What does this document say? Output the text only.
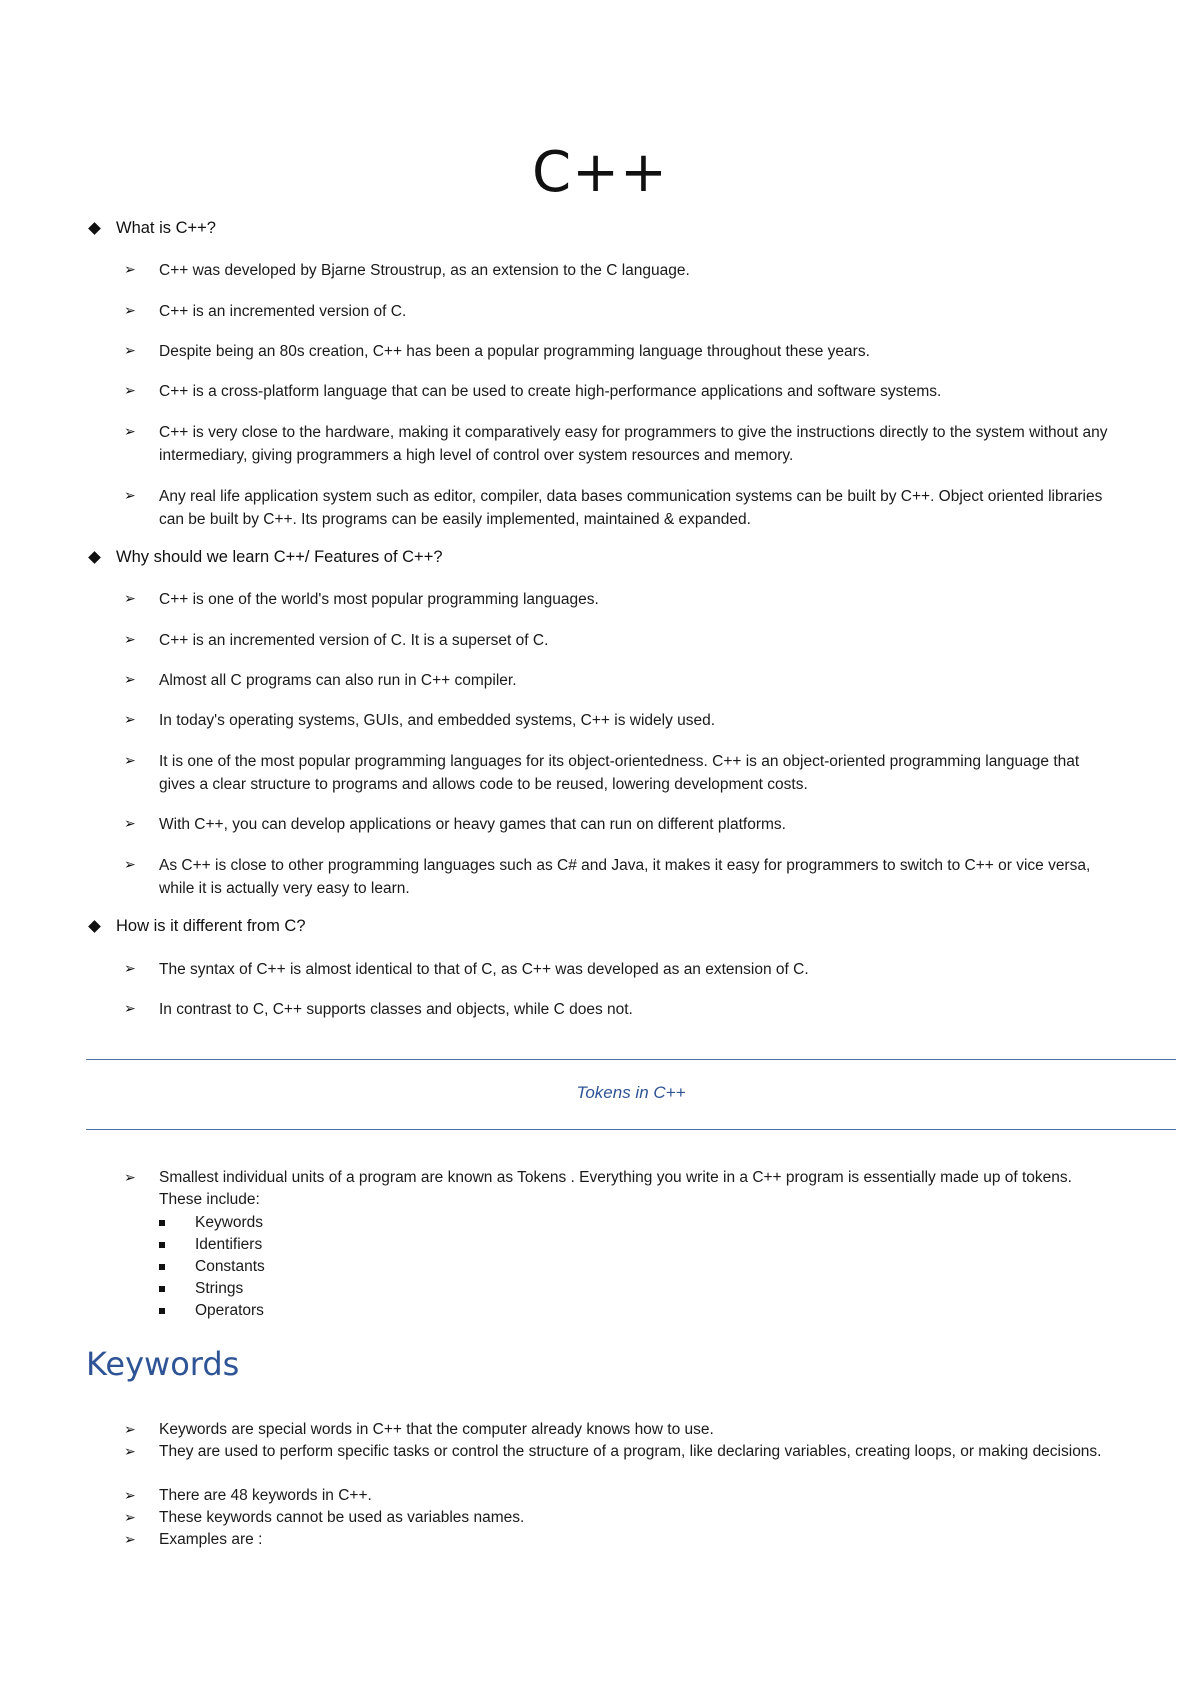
C++
What is C++?
➢	C++ was developed by Bjarne Stroustrup, as an extension to the C language.
➢	C++ is an incremented version of C.
➢	Despite being an 80s creation, C++ has been a popular programming language throughout these years.
➢	C++ is a cross-platform language that can be used to create high-performance applications and software systems.
➢	C++ is very close to the hardware, making it comparatively easy for programmers to give the instructions directly to the system without any intermediary, giving programmers a high level of control over system resources and memory.
➢	Any real life application system such as editor, compiler, data bases communication systems can be built by C++. Object oriented libraries can be built by C++. Its programs can be easily implemented, maintained & expanded.
Why should we learn C++/ Features of C++?
➢	C++ is one of the world's most popular programming languages.
➢	C++ is an incremented version of C. It is a superset of C.
➢	Almost all C programs can also run in C++ compiler.
➢	In today's operating systems, GUIs, and embedded systems, C++ is widely used.
➢	It is one of the most popular programming languages for its object-orientedness. C++ is an object-oriented programming language that gives a clear structure to programs and allows code to be reused, lowering development costs.
➢	With C++, you can develop applications or heavy games that can run on different platforms.
➢	As C++ is close to other programming languages such as C# and Java, it makes it easy for programmers to switch to C++ or vice versa, while it is actually very easy to learn.
How is it different from C?
➢	The syntax of C++ is almost identical to that of C, as C++ was developed as an extension of C.
➢	In contrast to C, C++ supports classes and objects, while C does not.
Tokens in C++
➢	Smallest individual units of a program are known as Tokens . Everything you write in a C++ program is essentially made up of tokens. These include:
Keywords
Identifiers
Constants
Strings
Operators
Keywords
➢	Keywords are special words in C++ that the computer already knows how to use.
➢	They are used to perform specific tasks or control the structure of a program, like declaring variables, creating loops, or making decisions.
➢	There are 48 keywords in C++.
➢	These keywords cannot be used as variables names.
➢	Examples are :
